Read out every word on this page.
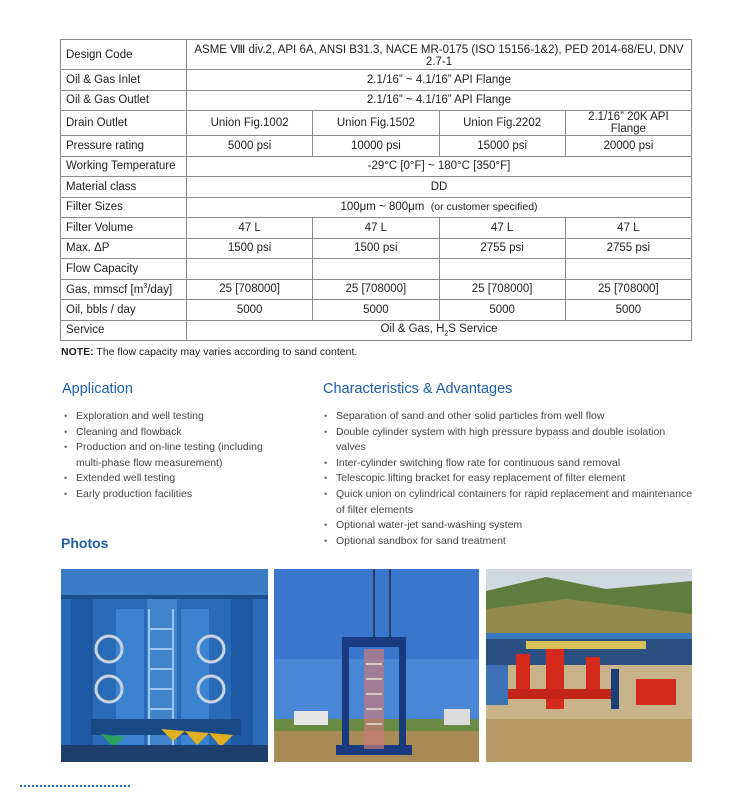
Design Code	ASME Ⅷ div.2, API 6A, ANSI B31.3, NACE MR-0175 (ISO 15156-1&2), PED 2014-68/EU, DNV 2.7-1			
Oil & Gas Inlet	2.1/16” ~ 4.1/16” API Flange			
Oil & Gas Outlet	2.1/16” ~ 4.1/16” API Flange			
Drain Outlet	Union Fig.1002	Union Fig.1502	Union Fig.2202	2.1/16” 20K API Flange
Pressure rating	5000 psi	10000 psi	15000 psi	20000 psi
Working Temperature	-29°C [0°F] ~ 180°C [350°F]			
Material class	DD			
Filter Sizes	100μm ~ 800μm (or customer specified)			
Filter Volume	47 L	47 L	47 L	47 L
Max. ΔP	1500 psi	1500 psi	2755 psi	2755 psi
Flow Capacity				
Gas, mmscf $[m^3/day]$	25 [708000]	25 [708000]	25 [708000]	25 [708000]
Oil, bbls / day	5000	5000	5000	5000
Service	Oil & Gas, $H_2S$ Service			
NOTE: The flow capacity may varies according to sand content.
Application
• Exploration and well testing
• Cleaning and flowback
• Production and on-line testing (including multi-phase flow measurement)
• Extended well testing
• Early production facilities
Characteristics & Advantages
• Separation of sand and other solid particles from well flow
• Double cylinder system with high pressure bypass and double isolation valves
• Inter-cylinder switching flow rate for continuous sand removal
• Telescopic lifting bracket for easy replacement of filter element
• Quick union on cylindrical containers for rapid replacement and maintenance of filter elements
• Optional water-jet sand-washing system
• Optional sandbox for sand treatment
Photos
